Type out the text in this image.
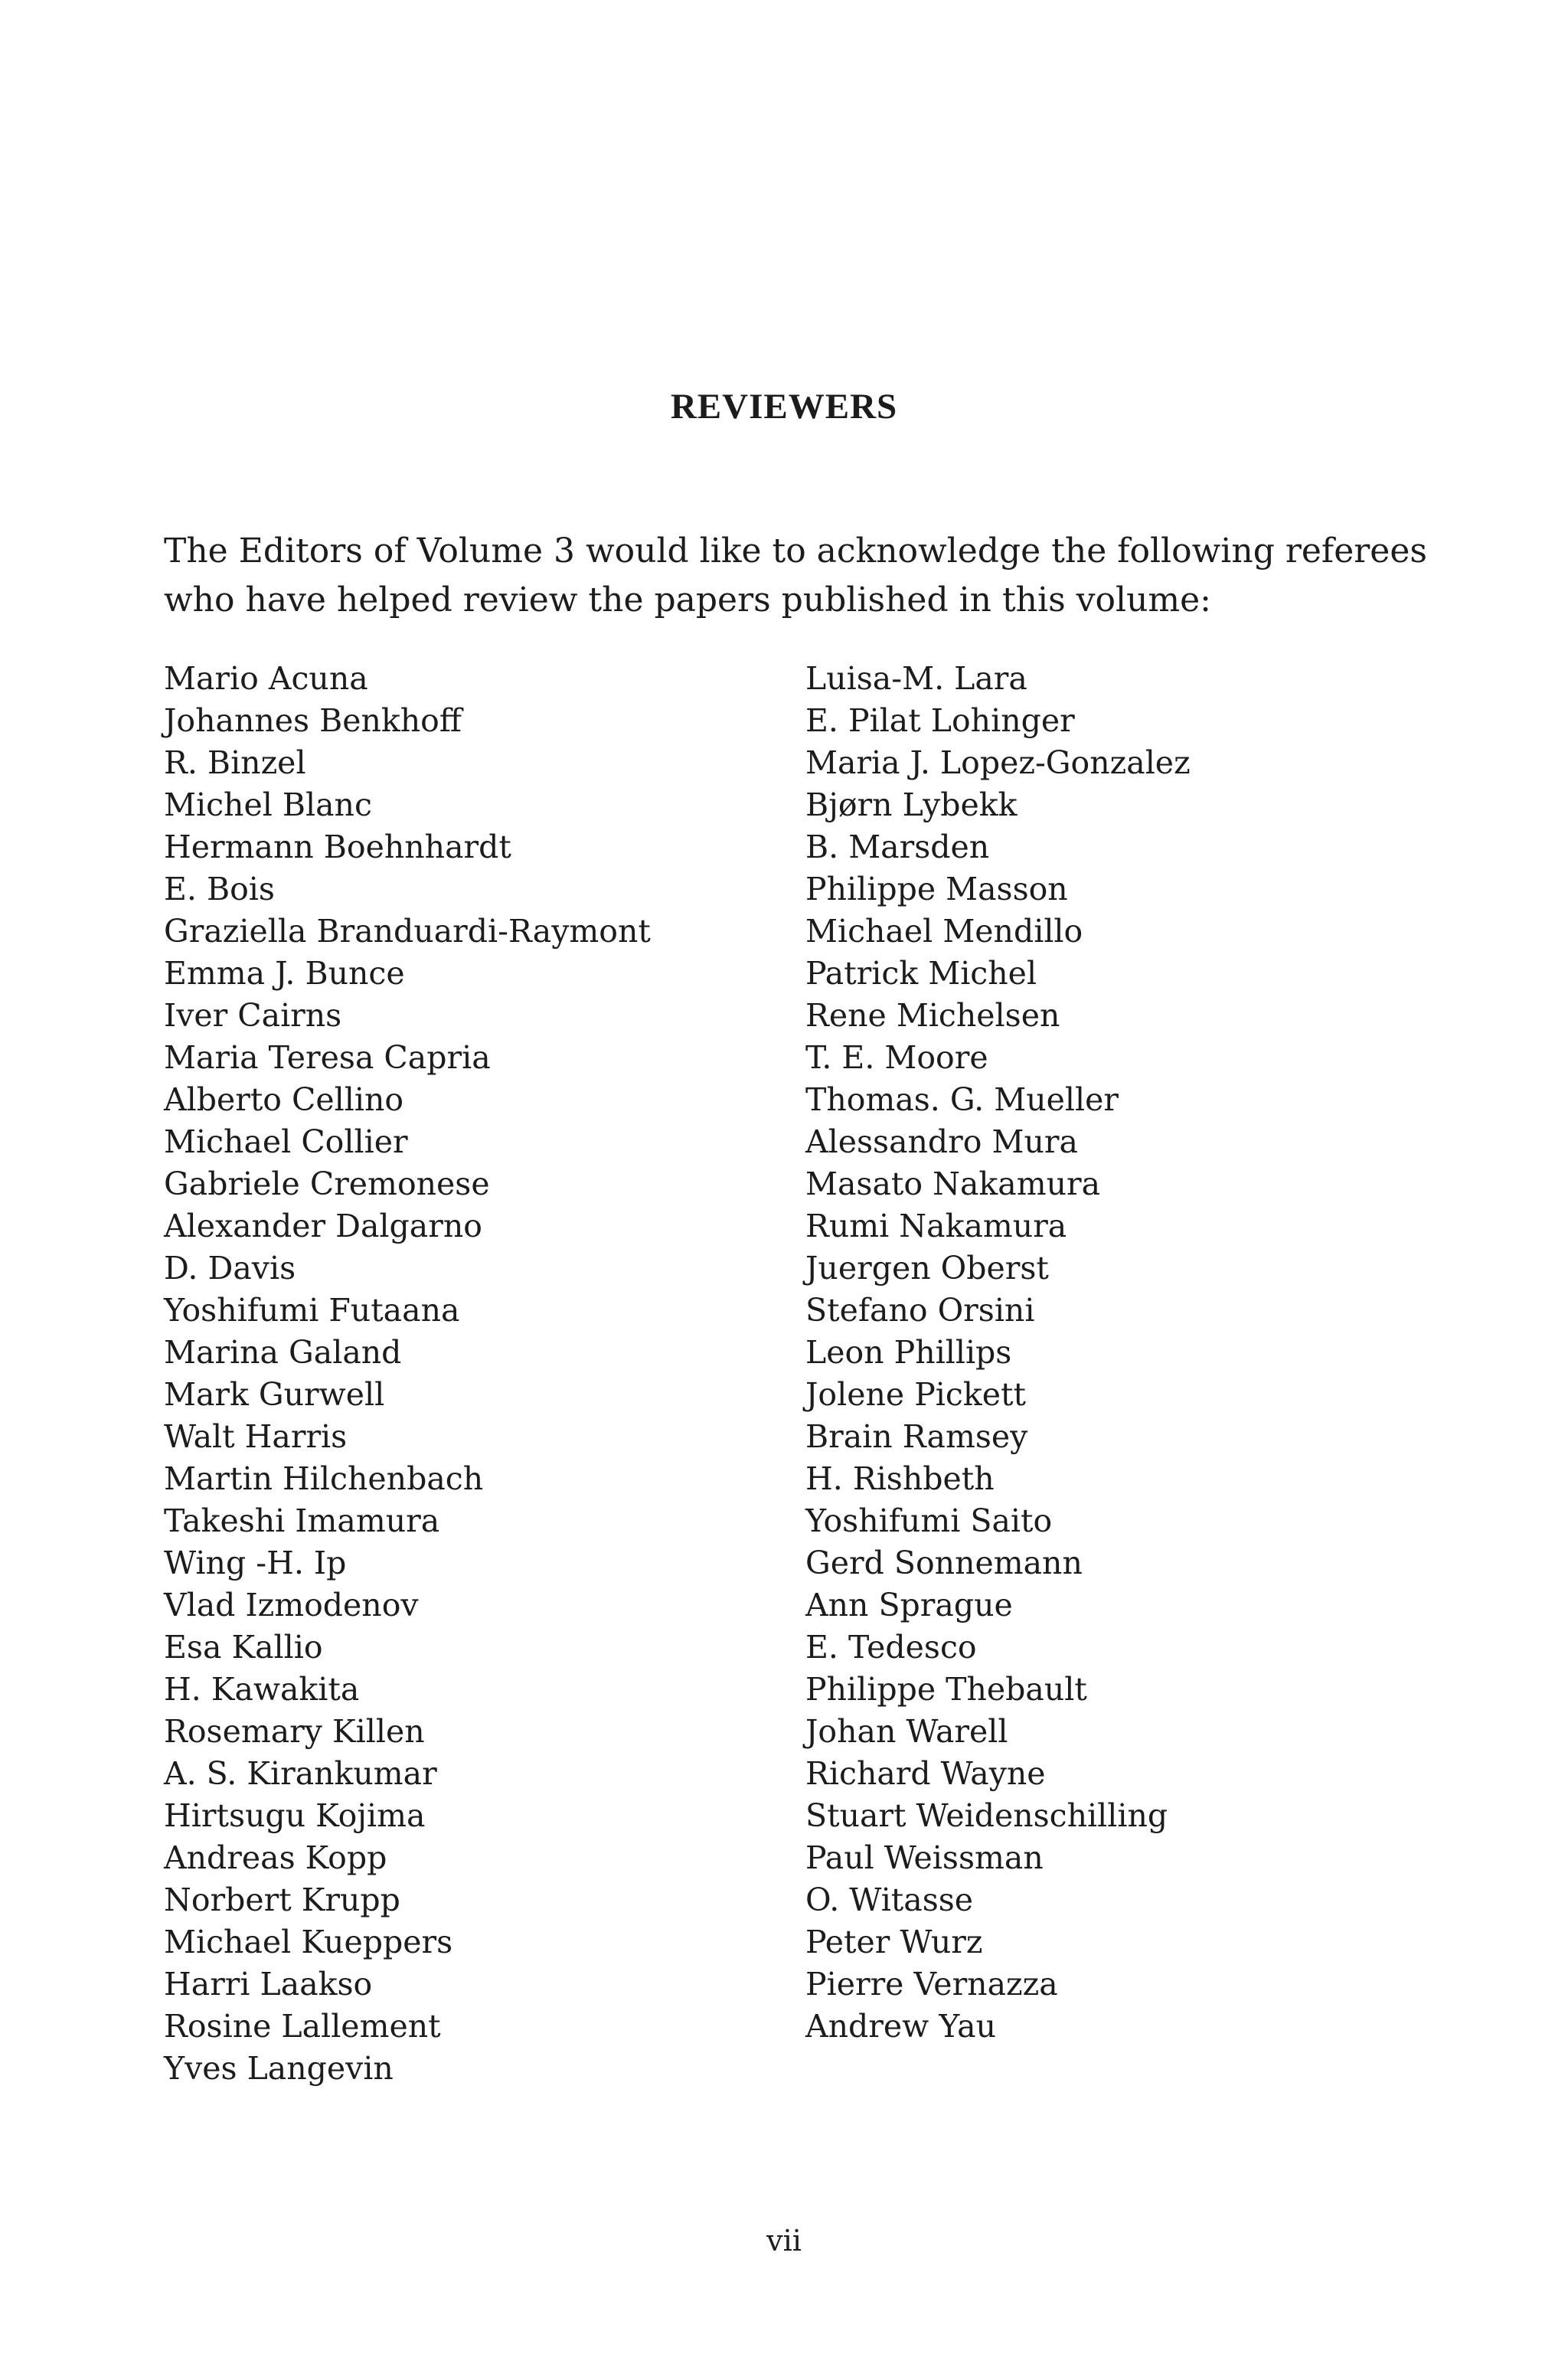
REVIEWERS

The Editors of Volume 3 would like to acknowledge the following referees
who have helped review the papers published in this volume:

Mario Acuna
Johannes Benkhoff
R. Binzel
Michel Blanc
Hermann Boehnhardt
E. Bois
Graziella Branduardi-Raymont
Emma J. Bunce
Iver Cairns
Maria Teresa Capria
Alberto Cellino
Michael Collier
Gabriele Cremonese
Alexander Dalgarno
D. Davis
Yoshifumi Futaana
Marina Galand
Mark Gurwell
Walt Harris
Martin Hilchenbach
Takeshi Imamura
Wing -H. Ip
Vlad Izmodenov
Esa Kallio
H. Kawakita
Rosemary Killen
A. S. Kirankumar
Hirtsugu Kojima
Andreas Kopp
Norbert Krupp
Michael Kueppers
Harri Laakso
Rosine Lallement
Yves Langevin
Luisa-M. Lara
E. Pilat Lohinger
Maria J. Lopez-Gonzalez
Bjørn Lybekk
B. Marsden
Philippe Masson
Michael Mendillo
Patrick Michel
Rene Michelsen
T. E. Moore
Thomas. G. Mueller
Alessandro Mura
Masato Nakamura
Rumi Nakamura
Juergen Oberst
Stefano Orsini
Leon Phillips
Jolene Pickett
Brain Ramsey
H. Rishbeth
Yoshifumi Saito
Gerd Sonnemann
Ann Sprague
E. Tedesco
Philippe Thebault
Johan Warell
Richard Wayne
Stuart Weidenschilling
Paul Weissman
O. Witasse
Peter Wurz
Pierre Vernazza
Andrew Yau

vii
